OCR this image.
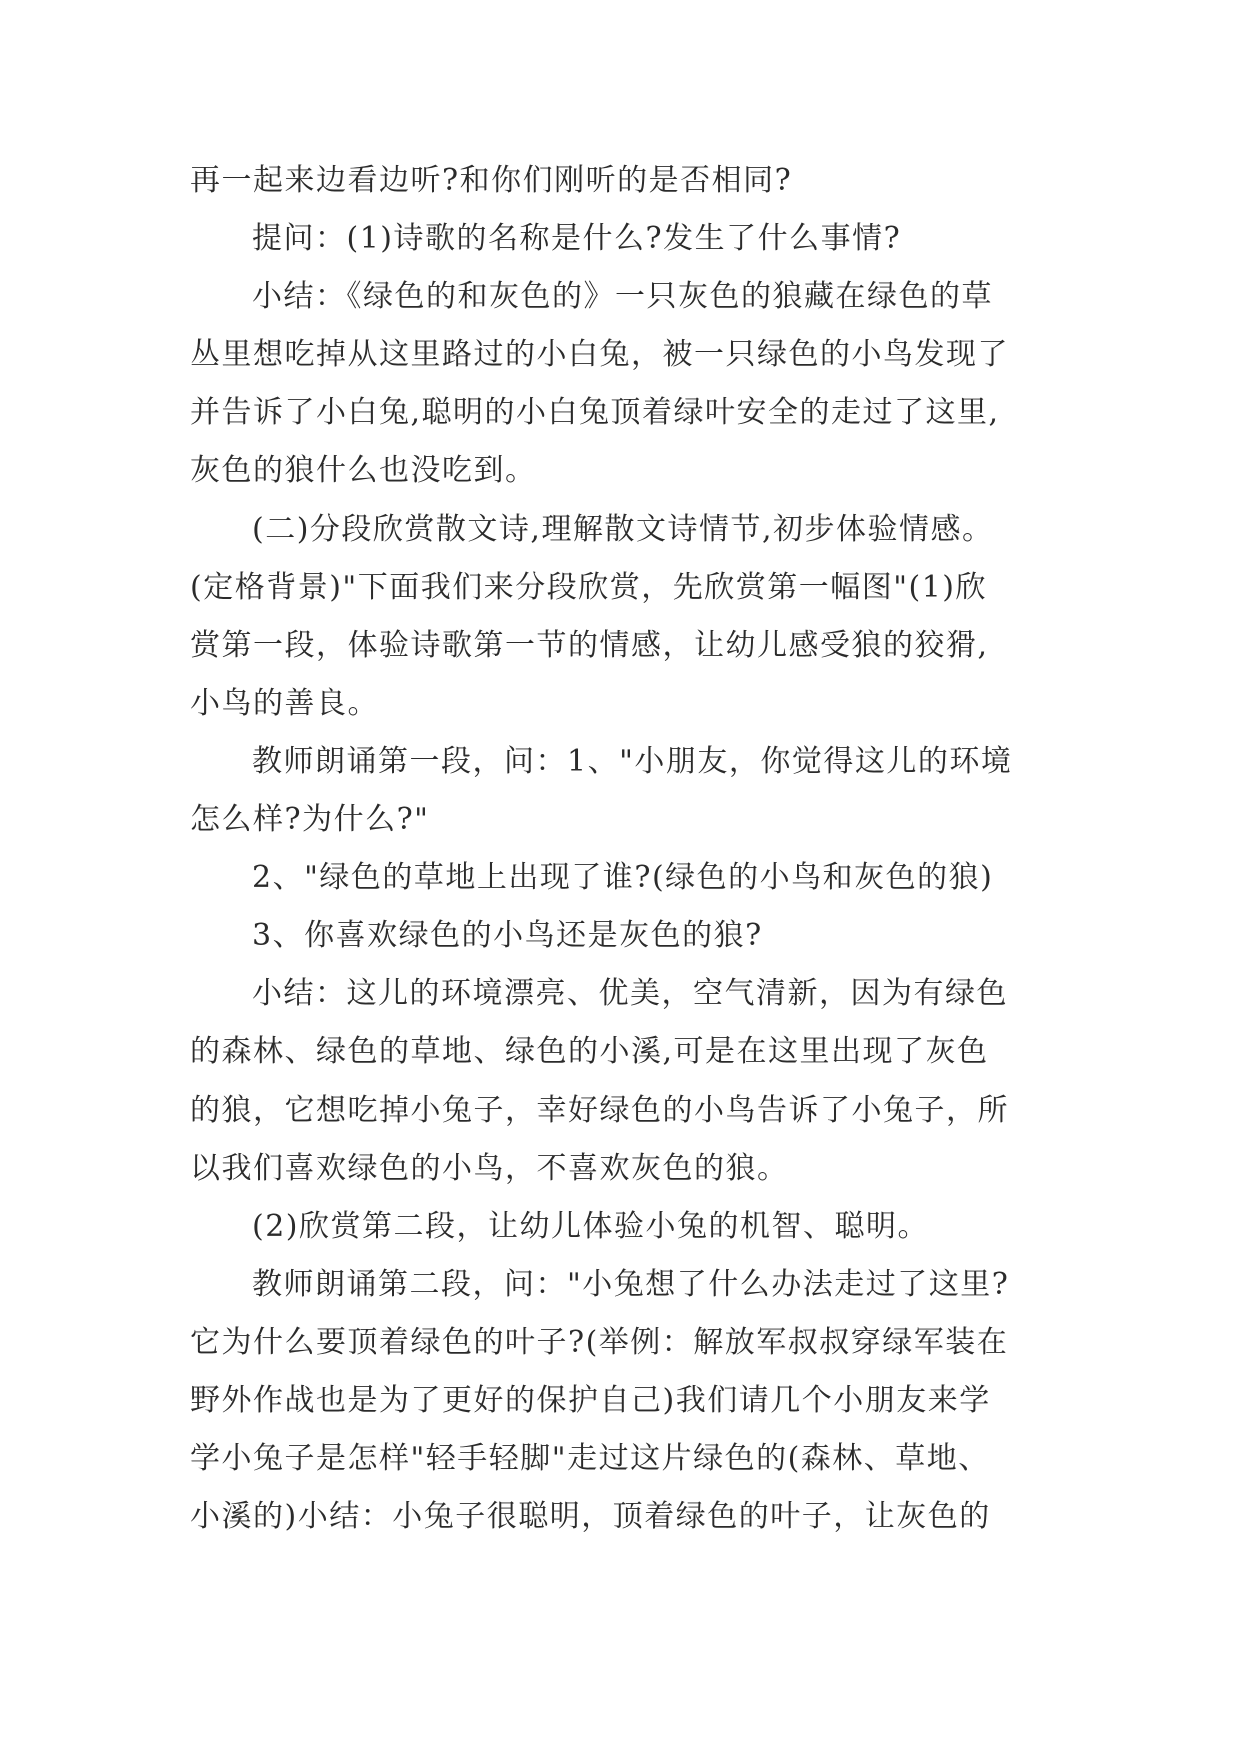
再一起来边看边听?和你们刚听的是否相同?
提问：(1)诗歌的名称是什么?发生了什么事情?
小结：《绿色的和灰色的》一只灰色的狼藏在绿色的草
丛里想吃掉从这里路过的小白兔，被一只绿色的小鸟发现了
并告诉了小白兔,聪明的小白兔顶着绿叶安全的走过了这里,
灰色的狼什么也没吃到。
(二)分段欣赏散文诗,理解散文诗情节,初步体验情感。
(定格背景)"下面我们来分段欣赏，先欣赏第一幅图"(1)欣
赏第一段，体验诗歌第一节的情感，让幼儿感受狼的狡猾,
小鸟的善良。
教师朗诵第一段，问：1、"小朋友，你觉得这儿的环境
怎么样?为什么?"
2、"绿色的草地上出现了谁?(绿色的小鸟和灰色的狼)
3、你喜欢绿色的小鸟还是灰色的狼?
小结：这儿的环境漂亮、优美，空气清新，因为有绿色
的森林、绿色的草地、绿色的小溪,可是在这里出现了灰色
的狼，它想吃掉小兔子，幸好绿色的小鸟告诉了小兔子，所
以我们喜欢绿色的小鸟，不喜欢灰色的狼。
(2)欣赏第二段，让幼儿体验小兔的机智、聪明。
教师朗诵第二段，问："小兔想了什么办法走过了这里?
它为什么要顶着绿色的叶子?(举例：解放军叔叔穿绿军装在
野外作战也是为了更好的保护自己)我们请几个小朋友来学
学小兔子是怎样"轻手轻脚"走过这片绿色的(森林、草地、
小溪的)小结：小兔子很聪明，顶着绿色的叶子，让灰色的
